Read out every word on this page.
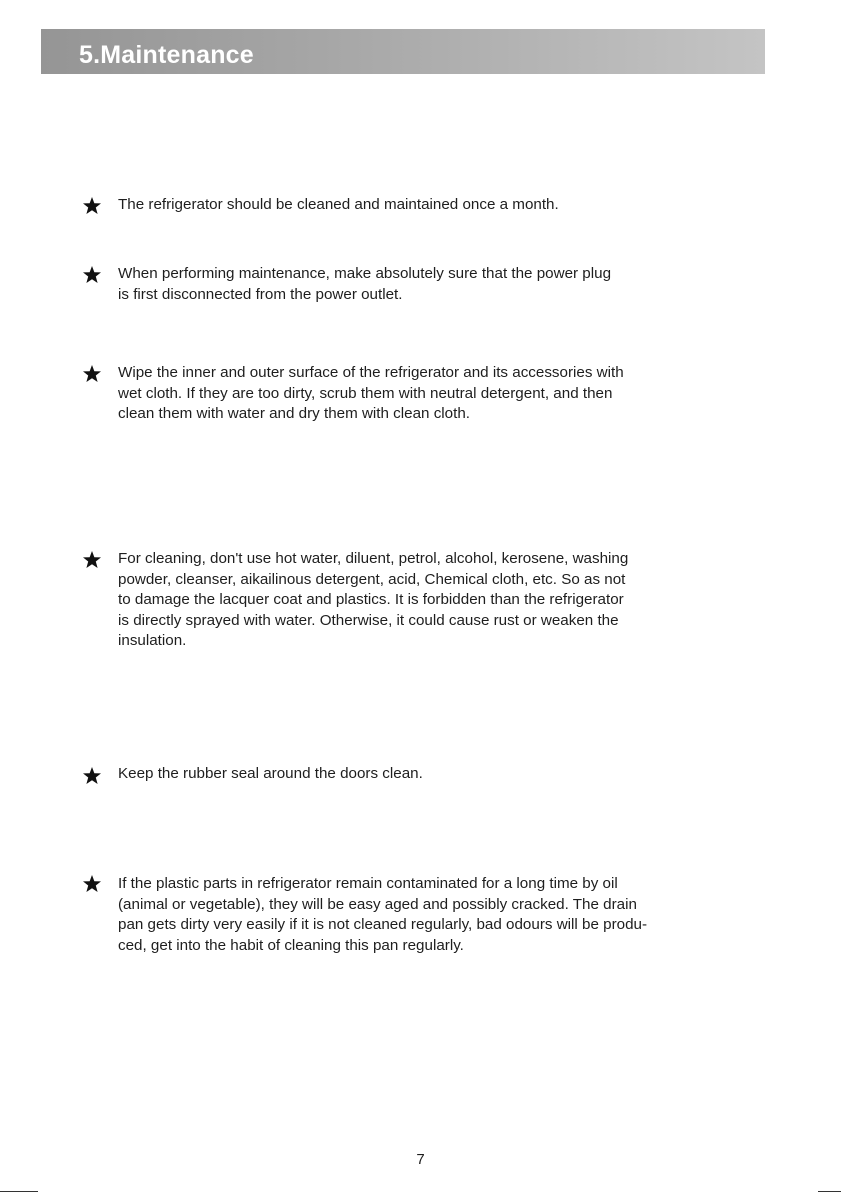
5.Maintenance

The refrigerator should be cleaned and maintained once a month.

When performing maintenance, make absolutely sure that the power plug
is first disconnected from the power outlet.

Wipe the inner and outer surface of the refrigerator and its accessories with
wet cloth. If they are too dirty, scrub them with neutral detergent, and then
clean them with water and dry them with clean cloth.

For cleaning, don't use hot water, diluent, petrol, alcohol, kerosene, washing
powder, cleanser, aikailinous detergent, acid, Chemical cloth, etc. So as not
to damage the lacquer coat and plastics. It is forbidden than the refrigerator
is directly sprayed with water. Otherwise, it could cause rust or weaken the
insulation.

Keep the rubber seal around the doors clean.

If the plastic parts in refrigerator remain contaminated for a long time by oil
(animal or vegetable), they will be easy aged and possibly cracked. The drain
pan gets dirty very easily if it is not cleaned regularly, bad odours will be produ-
ced, get into the habit of cleaning this pan regularly.

7
